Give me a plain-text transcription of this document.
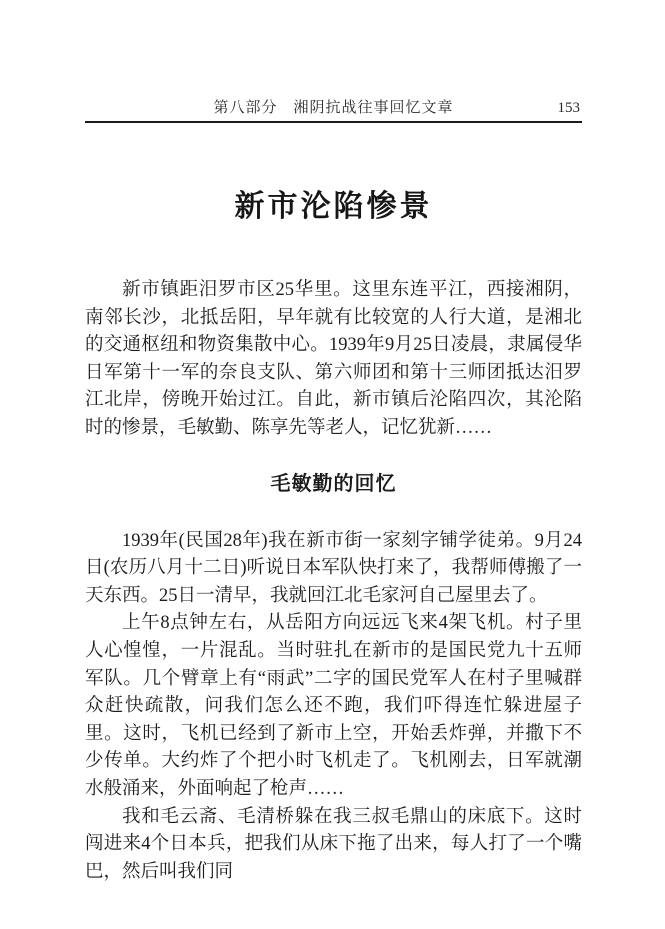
第八部分　湘阴抗战往事回忆文章	153
新市沦陷惨景

新市镇距汨罗市区25华里。这里东连平江，西接湘阴，南邻长沙，北抵岳阳，早年就有比较宽的人行大道，是湘北的交通枢纽和物资集散中心。1939年9月25日凌晨，隶属侵华日军第十一军的奈良支队、第六师团和第十三师团抵达汨罗江北岸，傍晚开始过江。自此，新市镇后沦陷四次，其沦陷时的惨景，毛敏勤、陈享先等老人，记忆犹新……

毛敏勤的回忆

1939年(民国28年)我在新市街一家刻字铺学徒弟。9月24日(农历八月十二日)听说日本军队快打来了，我帮师傅搬了一天东西。25日一清早，我就回江北毛家河自己屋里去了。

上午8点钟左右，从岳阳方向远远飞来4架飞机。村子里人心惶惶，一片混乱。当时驻扎在新市的是国民党九十五师军队。几个臂章上有“雨武”二字的国民党军人在村子里喊群众赶快疏散，问我们怎么还不跑，我们吓得连忙躲进屋子里。这时，飞机已经到了新市上空，开始丢炸弹，并撒下不少传单。大约炸了个把小时飞机走了。飞机刚去，日军就潮水般涌来，外面响起了枪声……

我和毛云斋、毛清桥躲在我三叔毛鼎山的床底下。这时闯进来4个日本兵，把我们从床下拖了出来，每人打了一个嘴巴，然后叫我们同
